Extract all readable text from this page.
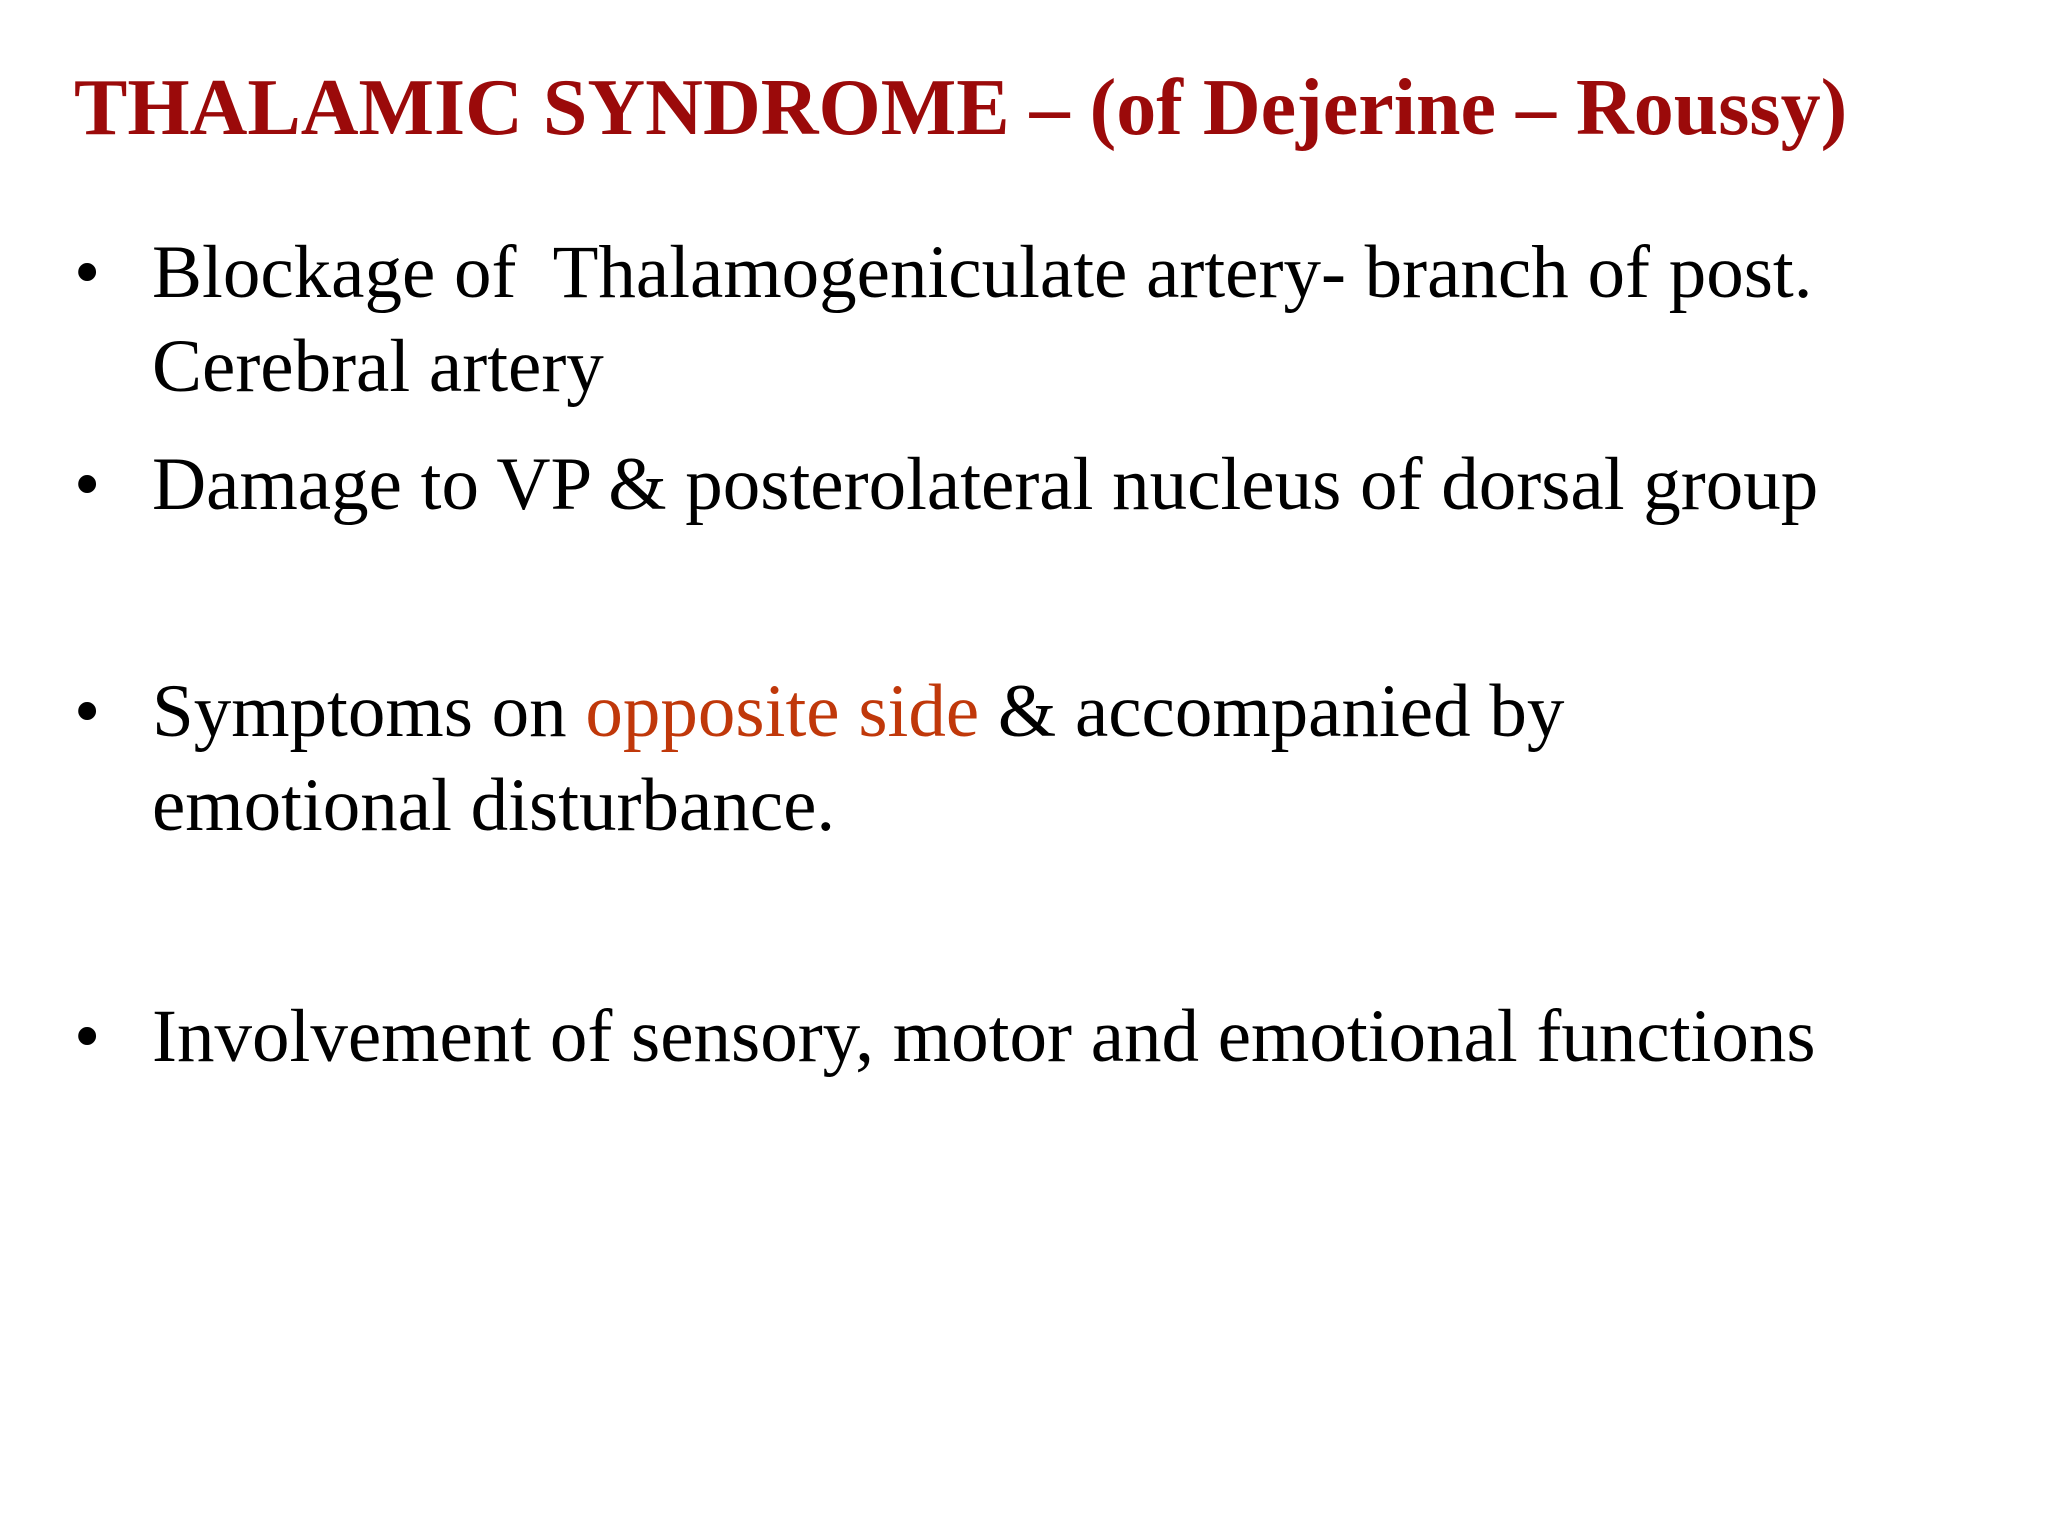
THALAMIC SYNDROME – (of Dejerine – Roussy)
• Blockage of  Thalamogeniculate artery- branch of post.
Cerebral artery
• Damage to VP & posterolateral nucleus of dorsal group
• Symptoms on opposite side & accompanied by
emotional disturbance.
• Involvement of sensory, motor and emotional functions
